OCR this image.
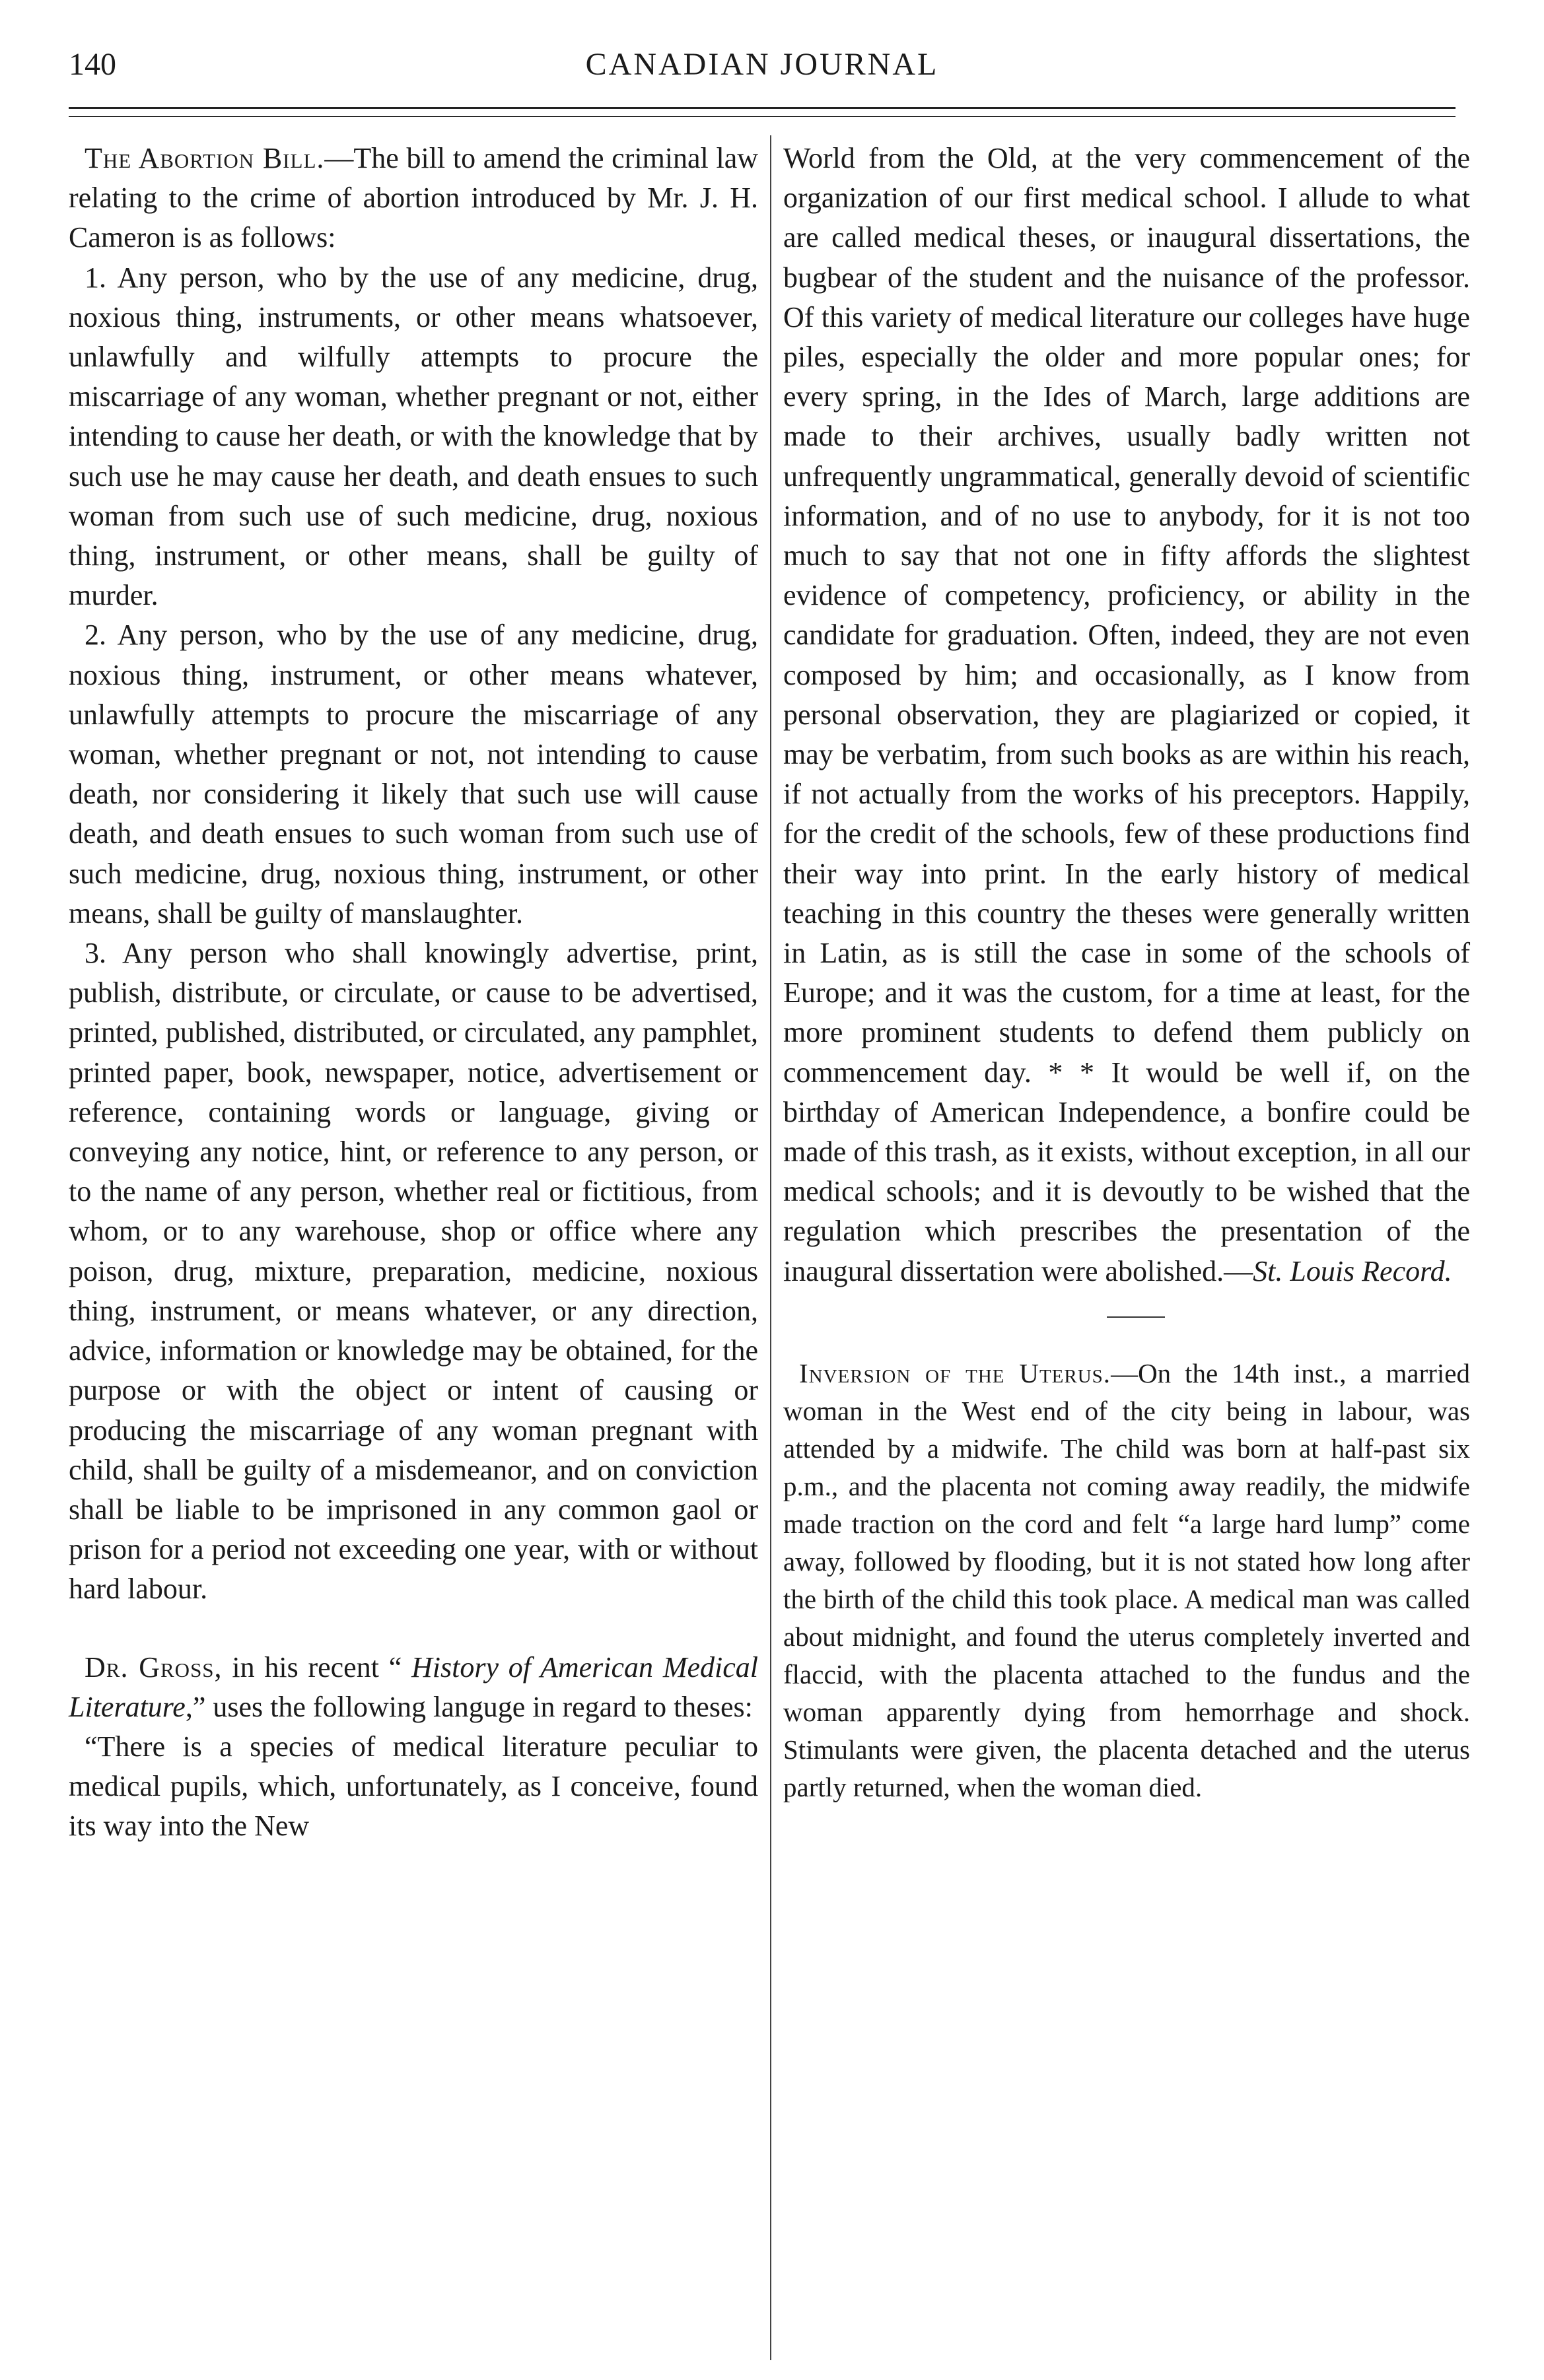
140	CANADIAN JOURNAL

The Abortion Bill.—The bill to amend the criminal law relating to the crime of abortion introduced by Mr. J. H. Cameron is as follows:

1. Any person, who by the use of any medicine, drug, noxious thing, instruments, or other means whatsoever, unlawfully and wilfully attempts to procure the miscarriage of any woman, whether pregnant or not, either intending to cause her death, or with the knowledge that by such use he may cause her death, and death ensues to such woman from such use of such medicine, drug, noxious thing, instrument, or other means, shall be guilty of murder.

2. Any person, who by the use of any medicine, drug, noxious thing, instrument, or other means whatever, unlawfully attempts to procure the miscarriage of any woman, whether pregnant or not, not intending to cause death, nor considering it likely that such use will cause death, and death ensues to such woman from such use of such medicine, drug, noxious thing, instrument, or other means, shall be guilty of manslaughter.

3. Any person who shall knowingly advertise, print, publish, distribute, or circulate, or cause to be advertised, printed, published, distributed, or circulated, any pamphlet, printed paper, book, newspaper, notice, advertisement or reference, containing words or language, giving or conveying any notice, hint, or reference to any person, or to the name of any person, whether real or fictitious, from whom, or to any warehouse, shop or office where any poison, drug, mixture, preparation, medicine, noxious thing, instrument, or means whatever, or any direction, advice, information or knowledge may be obtained, for the purpose or with the object or intent of causing or producing the miscarriage of any woman pregnant with child, shall be guilty of a misdemeanor, and on conviction shall be liable to be imprisoned in any common gaol or prison for a period not exceeding one year, with or without hard labour.

Dr. Gross, in his recent “ History of American Medical Literature,” uses the following languge in regard to theses:

“There is a species of medical literature peculiar to medical pupils, which, unfortunately, as I conceive, found its way into the New

World from the Old, at the very commencement of the organization of our first medical school. I allude to what are called medical theses, or inaugural dissertations, the bugbear of the student and the nuisance of the professor. Of this variety of medical literature our colleges have huge piles, especially the older and more popular ones; for every spring, in the Ides of March, large additions are made to their archives, usually badly written not unfrequently ungrammatical, generally devoid of scientific information, and of no use to anybody, for it is not too much to say that not one in fifty affords the slightest evidence of competency, proficiency, or ability in the candidate for graduation. Often, indeed, they are not even composed by him; and occasionally, as I know from personal observation, they are plagiarized or copied, it may be verbatim, from such books as are within his reach, if not actually from the works of his preceptors. Happily, for the credit of the schools, few of these productions find their way into print. In the early history of medical teaching in this country the theses were generally written in Latin, as is still the case in some of the schools of Europe; and it was the custom, for a time at least, for the more prominent students to defend them publicly on commencement day. * * It would be well if, on the birthday of American Independence, a bonfire could be made of this trash, as it exists, without exception, in all our medical schools; and it is devoutly to be wished that the regulation which prescribes the presentation of the inaugural dissertation were abolished.—St. Louis Record.

Inversion of the Uterus.—On the 14th inst., a married woman in the West end of the city being in labour, was attended by a midwife. The child was born at half-past six p.m., and the placenta not coming away readily, the midwife made traction on the cord and felt “a large hard lump” come away, followed by flooding, but it is not stated how long after the birth of the child this took place. A medical man was called about midnight, and found the uterus completely inverted and flaccid, with the placenta attached to the fundus and the woman apparently dying from hemorrhage and shock. Stimulants were given, the placenta detached and the uterus partly returned, when the woman died.
